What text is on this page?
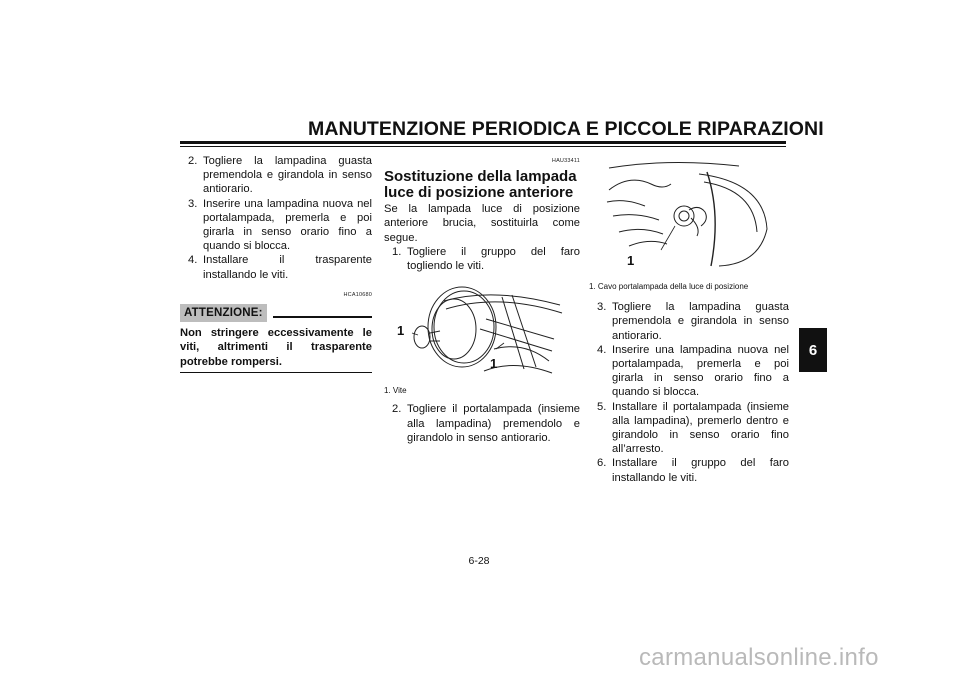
MANUTENZIONE PERIODICA E PICCOLE RIPARAZIONI
6
2. Togliere la lampadina guasta premendola e girandola in senso antiorario.
3. Inserire una lampadina nuova nel portalampada, premerla e poi girarla in senso orario fino a quando si blocca.
4. Installare il trasparente installando le viti.
HCA10680
ATTENZIONE:
Non stringere eccessivamente le viti, altrimenti il trasparente potrebbe rompersi.
HAU33411
Sostituzione della lampada luce di posizione anteriore
Se la lampada luce di posizione anteriore brucia, sostituirla come segue.
1. Togliere il gruppo del faro togliendo le viti.
1
1
1. Vite
2. Togliere il portalampada (insieme alla lampadina) premendolo e girandolo in senso antiorario.
1
1. Cavo portalampada della luce di posizione
3. Togliere la lampadina guasta premendola e girandola in senso antiorario.
4. Inserire una lampadina nuova nel portalampada, premerla e poi girarla in senso orario fino a quando si blocca.
5. Installare il portalampada (insieme alla lampadina), premerlo dentro e girandolo in senso orario fino all’arresto.
6. Installare il gruppo del faro installando le viti.
6-28
carmanualsonline.info
